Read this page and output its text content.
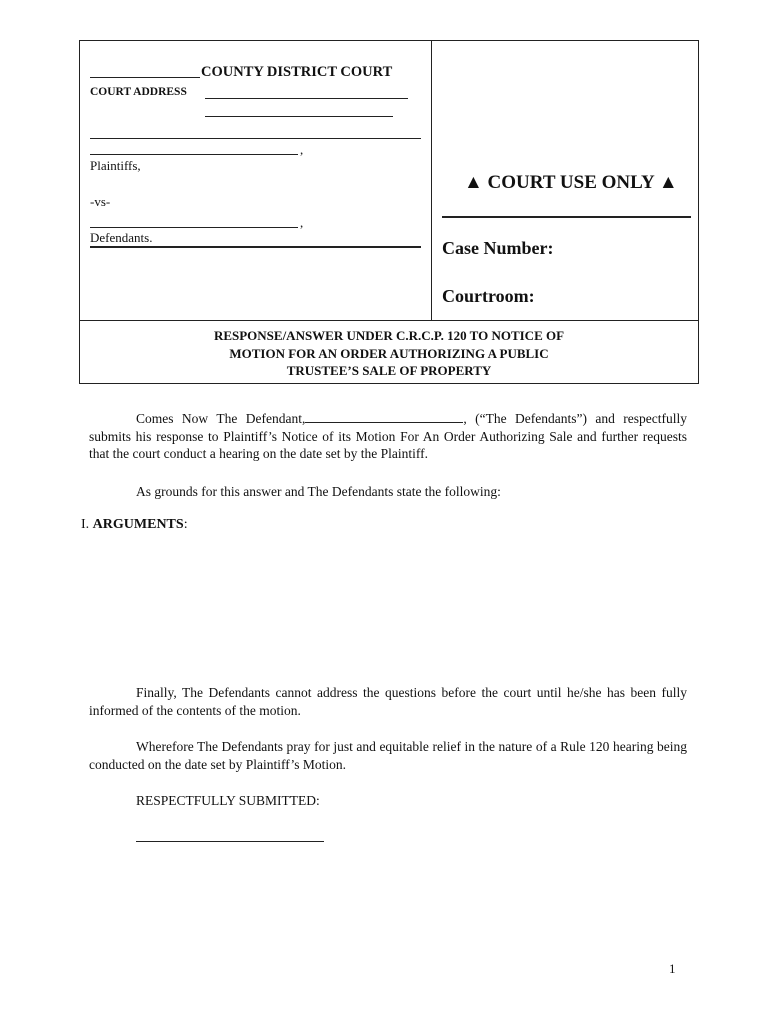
COUNTY DISTRICT COURT
COURT ADDRESS
,
Plaintiffs,
-vs-
,
Defendants.
▲ COURT USE ONLY ▲
Case Number:
Courtroom:
RESPONSE/ANSWER UNDER C.R.C.P. 120 TO NOTICE OF
MOTION FOR AN ORDER AUTHORIZING A PUBLIC
TRUSTEE’S SALE OF PROPERTY
Comes Now The Defendant,	, (“The Defendants”) and respectfully submits his response to Plaintiff’s Notice of its Motion For An Order Authorizing Sale and further requests that the court conduct a hearing on the date set by the Plaintiff.
As grounds for this answer and The Defendants state the following:
I. ARGUMENTS:
Finally, The Defendants cannot address the questions before the court until he/she has been fully informed of the contents of the motion.
Wherefore The Defendants pray for just and equitable relief in the nature of a Rule 120 hearing being conducted on the date set by Plaintiff’s Motion.
RESPECTFULLY SUBMITTED:
1
